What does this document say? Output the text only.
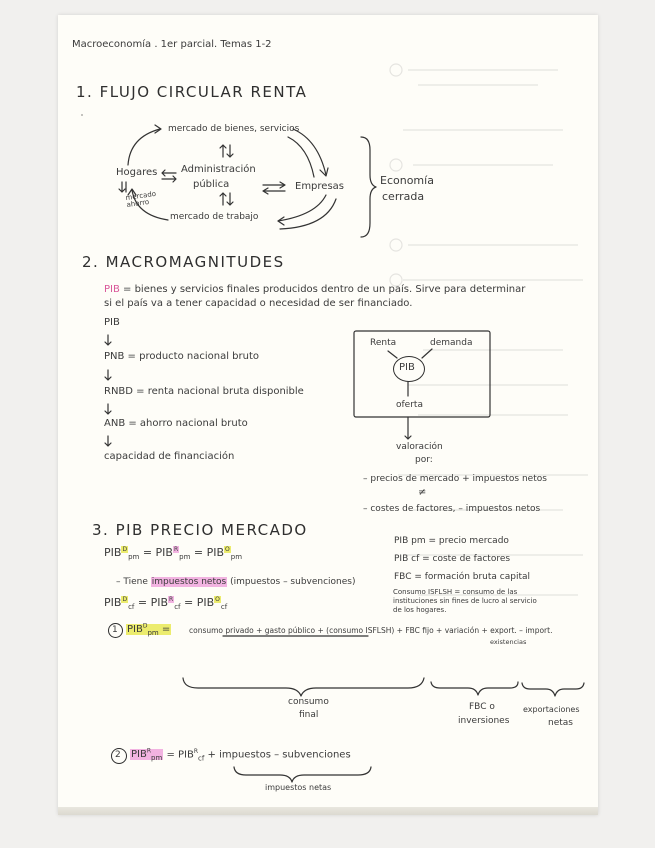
Macroeconomía . 1er parcial. Temas 1-2
1. FLUJO CIRCULAR RENTA
mercado de bienes, servicios
Administración
pública
Hogares
Empresas
mercado ahorro
mercado de trabajo
Economía
cerrada
2. MACROMAGNITUDES
PIB = bienes y servicios finales producidos dentro de un país. Sirve para determinar
si el país va a tener capacidad o necesidad de ser financiado.
PIB
PNB = producto nacional bruto
RNBD = renta nacional bruta disponible
ANB = ahorro nacional bruto
capacidad de financiación
Renta	demanda
PIB
oferta
valoración
por:
– precios de mercado + impuestos netos
≠
– costes de factores, – impuestos netos
3. PIB PRECIO MERCADO
$PIB^D_{pm} = PIB^R_{pm} = PIB^O_{pm}$
– Tiene impuestos netos (impuestos – subvenciones)
$PIB^D_{cf} = PIB^R_{cf} = PIB^O_{cf}$
PIB pm = precio mercado
PIB cf = coste de factores
FBC = formación bruta capital
Consumo ISFLSH = consumo de las
instituciones sin fines de lucro al servicio
de los hogares.
1 $PIB^D_{pm}$ = consumo privado + gasto público + (consumo ISFLSH) + FBC fijo + variación + export. – import.
existencias
consumo
final
FBC o
inversiones
exportaciones
netas
2 $PIB^R_{pm} = PIB^R_{cf}$ + impuestos – subvenciones
impuestos netas
